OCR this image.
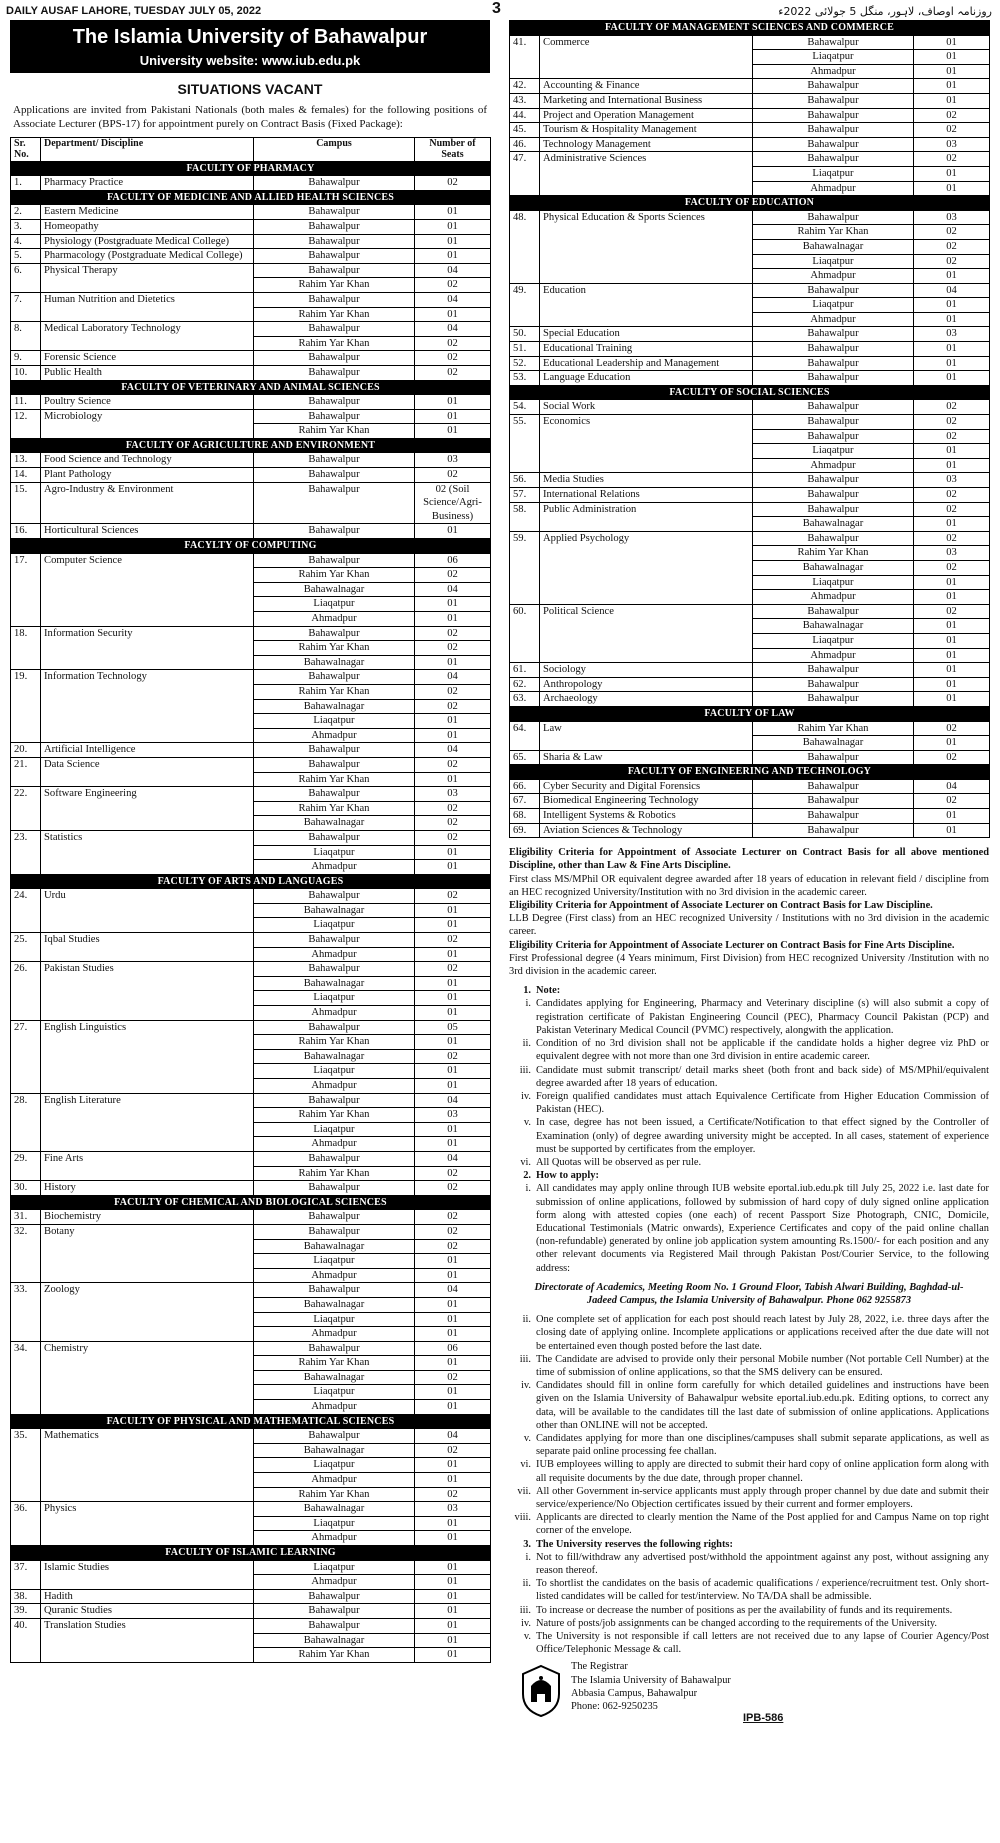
DAILY AUSAF LAHORE, TUESDAY JULY 05, 2022	3	روزنامہ اوصاف، لاہور، منگل 5 جولائی 2022ء
The Islamia University of Bahawalpur
University website: www.iub.edu.pk
SITUATIONS VACANT
Applications are invited from Pakistani Nationals (both males & females) for the following positions of Associate Lecturer (BPS-17) for appointment purely on Contract Basis (Fixed Package):
Sr. No.	Department/ Discipline	Campus	Number of Seats
FACULTY OF PHARMACY			
1.	Pharmacy Practice	Bahawalpur	02
FACULTY OF MEDICINE AND ALLIED HEALTH SCIENCES			
2.	Eastern Medicine	Bahawalpur	01
3.	Homeopathy	Bahawalpur	01
4.	Physiology (Postgraduate Medical College)	Bahawalpur	01
5.	Pharmacology (Postgraduate Medical College)	Bahawalpur	01
6.	Physical Therapy	Bahawalpur	04
		Rahim Yar Khan	02
7.	Human Nutrition and Dietetics	Bahawalpur	04
		Rahim Yar Khan	01
8.	Medical Laboratory Technology	Bahawalpur	04
		Rahim Yar Khan	02
9.	Forensic Science	Bahawalpur	02
10.	Public Health	Bahawalpur	02
FACULTY OF VETERINARY AND ANIMAL SCIENCES			
11.	Poultry Science	Bahawalpur	01
12.	Microbiology	Bahawalpur	01
		Rahim Yar Khan	01
FACULTY OF AGRICULTURE AND ENVIRONMENT			
13.	Food Science and Technology	Bahawalpur	03
14.	Plant Pathology	Bahawalpur	02
15.	Agro-Industry & Environment	Bahawalpur	02 (Soil Science/Agri-Business)
16.	Horticultural Sciences	Bahawalpur	01
FACYLTY OF COMPUTING			
17.	Computer Science	Bahawalpur	06
		Rahim Yar Khan	02
		Bahawalnagar	04
		Liaqatpur	01
		Ahmadpur	01
18.	Information Security	Bahawalpur	02
		Rahim Yar Khan	02
		Bahawalnagar	01
19.	Information Technology	Bahawalpur	04
		Rahim Yar Khan	02
		Bahawalnagar	02
		Liaqatpur	01
		Ahmadpur	01
20.	Artificial Intelligence	Bahawalpur	04
21.	Data Science	Bahawalpur	02
		Rahim Yar Khan	01
22.	Software Engineering	Bahawalpur	03
		Rahim Yar Khan	02
		Bahawalnagar	02
23.	Statistics	Bahawalpur	02
		Liaqatpur	01
		Ahmadpur	01
FACULTY OF ARTS AND LANGUAGES			
24.	Urdu	Bahawalpur	02
		Bahawalnagar	01
		Liaqatpur	01
25.	Iqbal Studies	Bahawalpur	02
		Ahmadpur	01
26.	Pakistan Studies	Bahawalpur	02
		Bahawalnagar	01
		Liaqatpur	01
		Ahmadpur	01
27.	English Linguistics	Bahawalpur	05
		Rahim Yar Khan	01
		Bahawalnagar	02
		Liaqatpur	01
		Ahmadpur	01
28.	English Literature	Bahawalpur	04
		Rahim Yar Khan	03
		Liaqatpur	01
		Ahmadpur	01
29.	Fine Arts	Bahawalpur	04
		Rahim Yar Khan	02
30.	History	Bahawalpur	02
FACULTY OF CHEMICAL AND BIOLOGICAL SCIENCES			
31.	Biochemistry	Bahawalpur	02
32.	Botany	Bahawalpur	02
		Bahawalnagar	02
		Liaqatpur	01
		Ahmadpur	01
33.	Zoology	Bahawalpur	04
		Bahawalnagar	01
		Liaqatpur	01
		Ahmadpur	01
34.	Chemistry	Bahawalpur	06
		Rahim Yar Khan	01
		Bahawalnagar	02
		Liaqatpur	01
		Ahmadpur	01
FACULTY OF PHYSICAL AND MATHEMATICAL SCIENCES			
35.	Mathematics	Bahawalpur	04
		Bahawalnagar	02
		Liaqatpur	01
		Ahmadpur	01
		Rahim Yar Khan	02
36.	Physics	Bahawalnagar	03
		Liaqatpur	01
		Ahmadpur	01
FACULTY OF ISLAMIC LEARNING			
37.	Islamic Studies	Liaqatpur	01
		Ahmadpur	01
38.	Hadith	Bahawalpur	01
39.	Quranic Studies	Bahawalpur	01
40.	Translation Studies	Bahawalpur	01
		Bahawalnagar	01
		Rahim Yar Khan	01
FACULTY OF MANAGEMENT SCIENCES AND COMMERCE			
41.	Commerce	Bahawalpur	01
		Liaqatpur	01
		Ahmadpur	01
42.	Accounting & Finance	Bahawalpur	01
43.	Marketing and International Business	Bahawalpur	01
44.	Project and Operation Management	Bahawalpur	02
45.	Tourism & Hospitality Management	Bahawalpur	02
46.	Technology Management	Bahawalpur	03
47.	Administrative Sciences	Bahawalpur	02
		Liaqatpur	01
		Ahmadpur	01
FACULTY OF EDUCATION			
48.	Physical Education & Sports Sciences	Bahawalpur	03
		Rahim Yar Khan	02
		Bahawalnagar	02
		Liaqatpur	02
		Ahmadpur	01
49.	Education	Bahawalpur	04
		Liaqatpur	01
		Ahmadpur	01
50.	Special Education	Bahawalpur	03
51.	Educational Training	Bahawalpur	01
52.	Educational Leadership and Management	Bahawalpur	01
53.	Language Education	Bahawalpur	01
FACULTY OF SOCIAL SCIENCES			
54.	Social Work	Bahawalpur	02
55.	Economics	Bahawalpur	02
		Bahawalpur	02
		Liaqatpur	01
		Ahmadpur	01
56.	Media Studies	Bahawalpur	03
57.	International Relations	Bahawalpur	02
58.	Public Administration	Bahawalpur	02
		Bahawalnagar	01
59.	Applied Psychology	Bahawalpur	02
		Rahim Yar Khan	03
		Bahawalnagar	02
		Liaqatpur	01
		Ahmadpur	01
60.	Political Science	Bahawalpur	02
		Bahawalnagar	01
		Liaqatpur	01
		Ahmadpur	01
61.	Sociology	Bahawalpur	01
62.	Anthropology	Bahawalpur	01
63.	Archaeology	Bahawalpur	01
FACULTY OF LAW			
64.	Law	Rahim Yar Khan	02
		Bahawalnagar	01
65.	Sharia & Law	Bahawalpur	02
FACULTY OF ENGINEERING AND TECHNOLOGY			
66.	Cyber Security and Digital Forensics	Bahawalpur	04
67.	Biomedical Engineering Technology	Bahawalpur	02
68.	Intelligent Systems & Robotics	Bahawalpur	01
69.	Aviation Sciences & Technology	Bahawalpur	01

Eligibility Criteria for Appointment of Associate Lecturer on Contract Basis for all above mentioned Discipline, other than Law & Fine Arts Discipline.

First class MS/MPhil OR equivalent degree awarded after 18 years of education in relevant field / discipline from an HEC recognized University/Institution with no 3rd division in the academic career.

Eligibility Criteria for Appointment of Associate Lecturer on Contract Basis for Law Discipline.

LLB Degree (First class) from an HEC recognized University / Institutions with no 3rd division in the academic career.

Eligibility Criteria for Appointment of Associate Lecturer on Contract Basis for Fine Arts Discipline.

First Professional degree (4 Years minimum, First Division) from HEC recognized University /Institution with no 3rd division in the academic career.

1. Note:
i. Candidates applying for Engineering, Pharmacy and Veterinary discipline (s) will also submit a copy of registration certificate of Pakistan Engineering Council (PEC), Pharmacy Council Pakistan (PCP) and Pakistan Veterinary Medical Council (PVMC) respectively, alongwith the application.
ii. Condition of no 3rd division shall not be applicable if the candidate holds a higher degree viz PhD or equivalent degree with not more than one 3rd division in entire academic career.
iii. Candidate must submit transcript/ detail marks sheet (both front and back side) of MS/MPhil/equivalent degree awarded after 18 years of education.
iv. Foreign qualified candidates must attach Equivalence Certificate from Higher Education Commission of Pakistan (HEC).
v. In case, degree has not been issued, a Certificate/Notification to that effect signed by the Controller of Examination (only) of degree awarding university might be accepted. In all cases, statement of experience must be supported by certificates from the employer.
vi. All Quotas will be observed as per rule.
2. How to apply:
i. All candidates may apply online through IUB website eportal.iub.edu.pk till July 25, 2022 i.e. last date for submission of online applications, followed by submission of hard copy of duly signed online application form along with attested copies (one each) of recent Passport Size Photograph, CNIC, Domicile, Educational Testimonials (Matric onwards), Experience Certificates and copy of the paid online challan (non-refundable) generated by online job application system amounting Rs.1500/- for each position and any other relevant documents via Registered Mail through Pakistan Post/Courier Service, to the following address:
Directorate of Academics, Meeting Room No. 1 Ground Floor, Tabish Alwari Building, Baghdad-ul-Jadeed Campus, the Islamia University of Bahawalpur. Phone 062 9255873
ii. One complete set of application for each post should reach latest by July 28, 2022, i.e. three days after the closing date of applying online. Incomplete applications or applications received after the due date will not be entertained even though posted before the last date.
iii. The Candidate are advised to provide only their personal Mobile number (Not portable Cell Number) at the time of submission of online applications, so that the SMS delivery can be ensured.
iv. Candidates should fill in online form carefully for which detailed guidelines and instructions have been given on the Islamia University of Bahawalpur website eportal.iub.edu.pk. Editing options, to correct any data, will be available to the candidates till the last date of submission of online applications. Applications other than ONLINE will not be accepted.
v. Candidates applying for more than one disciplines/campuses shall submit separate applications, as well as separate paid online processing fee challan.
vi. IUB employees willing to apply are directed to submit their hard copy of online application form along with all requisite documents by the due date, through proper channel.
vii. All other Government in-service applicants must apply through proper channel by due date and submit their service/experience/No Objection certificates issued by their current and former employers.
viii. Applicants are directed to clearly mention the Name of the Post applied for and Campus Name on top right corner of the envelope.
3. The University reserves the following rights:
i. Not to fill/withdraw any advertised post/withhold the appointment against any post, without assigning any reason thereof.
ii. To shortlist the candidates on the basis of academic qualifications / experience/recruitment test. Only short-listed candidates will be called for test/interview. No TA/DA shall be admissible.
iii. To increase or decrease the number of positions as per the availability of funds and its requirements.
iv. Nature of posts/job assignments can be changed according to the requirements of the University.
v. The University is not responsible if call letters are not received due to any lapse of Courier Agency/Post Office/Telephonic Message & call.
The Registrar
The Islamia University of Bahawalpur
Abbasia Campus, Bahawalpur
Phone: 062-9250235
IPB-586
